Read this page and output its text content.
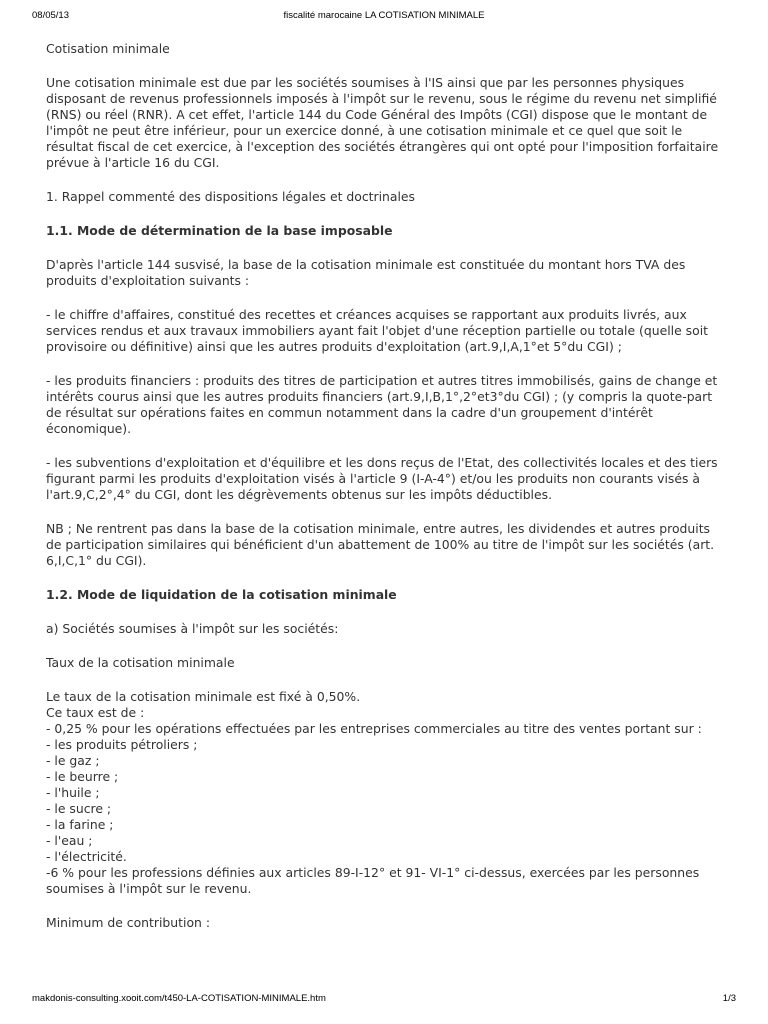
08/05/13	fiscalité marocaine LA COTISATION MINIMALE

Cotisation minimale

Une cotisation minimale est due par les sociétés soumises à l'IS ainsi que par les personnes physiques disposant de revenus professionnels imposés à l'impôt sur le revenu, sous le régime du revenu net simplifié (RNS) ou réel (RNR). A cet effet, l'article 144 du Code Général des Impôts (CGI) dispose que le montant de l'impôt ne peut être inférieur, pour un exercice donné, à une cotisation minimale et ce quel que soit le résultat fiscal de cet exercice, à l'exception des sociétés étrangères qui ont opté pour l'imposition forfaitaire prévue à l'article 16 du CGI.

1. Rappel commenté des dispositions légales et doctrinales

1.1. Mode de détermination de la base imposable

D'après l'article 144 susvisé, la base de la cotisation minimale est constituée du montant hors TVA des produits d'exploitation suivants :

- le chiffre d'affaires, constitué des recettes et créances acquises se rapportant aux produits livrés, aux services rendus et aux travaux immobiliers ayant fait l'objet d'une réception partielle ou totale (quelle soit provisoire ou définitive) ainsi que les autres produits d'exploitation (art.9,I,A,1°et 5°du CGI) ;

- les produits financiers : produits des titres de participation et autres titres immobilisés, gains de change et intérêts courus ainsi que les autres produits financiers (art.9,I,B,1°,2°et3°du CGI) ; (y compris la quote-part de résultat sur opérations faites en commun notamment dans la cadre d'un groupement d'intérêt économique).

- les subventions d'exploitation et d'équilibre et les dons reçus de l'Etat, des collectivités locales et des tiers figurant parmi les produits d'exploitation visés à l'article 9 (I-A-4°) et/ou les produits non courants visés à l'art.9,C,2°,4° du CGI, dont les dégrèvements obtenus sur les impôts déductibles.

NB ; Ne rentrent pas dans la base de la cotisation minimale, entre autres, les dividendes et autres produits de participation similaires qui bénéficient d'un abattement de 100% au titre de l'impôt sur les sociétés (art. 6,I,C,1° du CGI).

1.2. Mode de liquidation de la cotisation minimale

a) Sociétés soumises à l'impôt sur les sociétés:

Taux de la cotisation minimale

Le taux de la cotisation minimale est fixé à 0,50%.
Ce taux est de :
- 0,25 % pour les opérations effectuées par les entreprises commerciales au titre des ventes portant sur :
- les produits pétroliers ;
- le gaz ;
- le beurre ;
- l'huile ;
- le sucre ;
- la farine ;
- l'eau ;
- l'électricité.
-6 % pour les professions définies aux articles 89-I-12° et 91- VI-1° ci-dessus, exercées par les personnes soumises à l'impôt sur le revenu.

Minimum de contribution :

makdonis-consulting.xooit.com/t450-LA-COTISATION-MINIMALE.htm	1/3
